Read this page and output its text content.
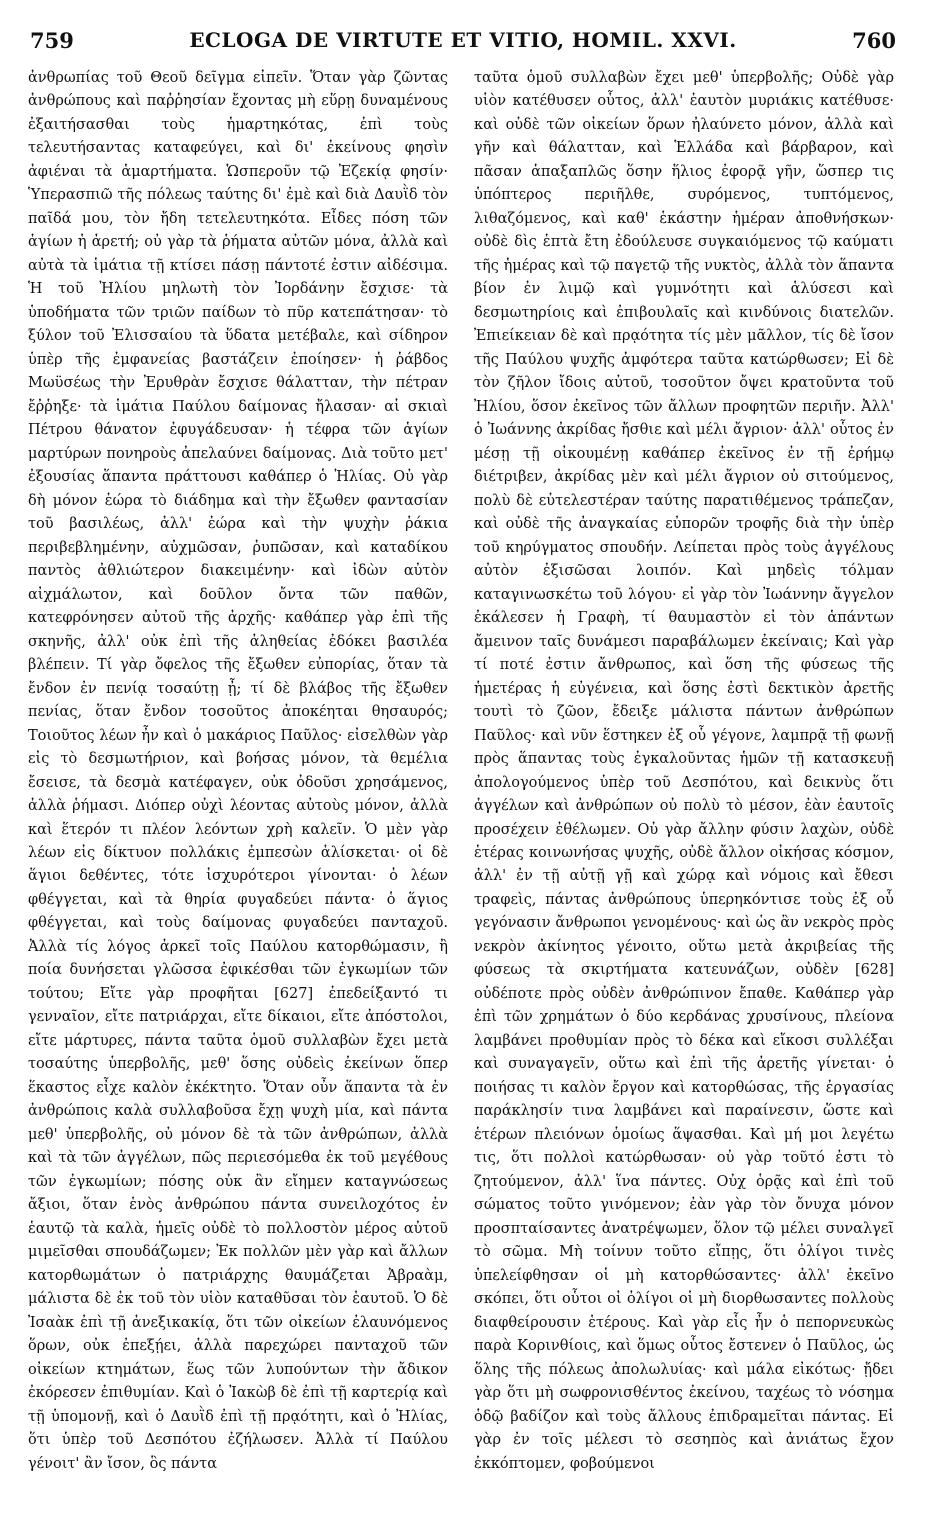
759	ECLOGA DE VIRTUTE ET VITIO, HOMIL. XXVI.	760

ἀνθρωπίας τοῦ Θεοῦ δεῖγμα εἰπεῖν. Ὅταν γὰρ ζῶντας ἀνθρώπους καὶ παῤῥησίαν ἔχοντας μὴ εὕρῃ δυναμένους ἐξαιτήσασθαι τοὺς ἡμαρτηκότας, ἐπὶ τοὺς τελευτήσαντας καταφεύγει, καὶ δι' ἐκείνους φησὶν ἀφιέναι τὰ ἁμαρτήματα. Ὡσπεροῦν τῷ Ἐζεκίᾳ φησίν· Ὑπερασπιῶ τῆς πόλεως ταύτης δι' ἐμὲ καὶ διὰ Δαυῒδ τὸν παῖδά μου, τὸν ἤδη τετελευτηκότα. Εἶδες πόση τῶν ἁγίων ἡ ἀρετή; οὐ γὰρ τὰ ῥήματα αὐτῶν μόνα, ἀλλὰ καὶ αὐτὰ τὰ ἱμάτια τῇ κτίσει πάσῃ πάντοτέ ἐστιν αἰδέσιμα. Ἡ τοῦ Ἠλίου μηλωτὴ τὸν Ἰορδάνην ἔσχισε· τὰ ὑποδήματα τῶν τριῶν παίδων τὸ πῦρ κατεπάτησαν· τὸ ξύλον τοῦ Ἐλισσαίου τὰ ὕδατα μετέβαλε, καὶ σίδηρον ὑπὲρ τῆς ἐμφανείας βαστάζειν ἐποίησεν· ἡ ῥάβδος Μωϋσέως τὴν Ἐρυθρὰν ἔσχισε θάλατταν, τὴν πέτραν ἔῤῥηξε· τὰ ἱμάτια Παύλου δαίμονας ἤλασαν· αἱ σκιαὶ Πέτρου θάνατον ἐφυγάδευσαν· ἡ τέφρα τῶν ἁγίων μαρτύρων πονηροὺς ἀπελαύνει δαίμονας. Διὰ τοῦτο μετ' ἐξουσίας ἅπαντα πράττουσι καθάπερ ὁ Ἠλίας. Οὐ γὰρ δὴ μόνον ἑώρα τὸ διάδημα καὶ τὴν ἔξωθεν φαντασίαν τοῦ βασιλέως, ἀλλ' ἑώρα καὶ τὴν ψυχὴν ῥάκια περιβεβλημένην, αὐχμῶσαν, ῥυπῶσαν, καὶ καταδίκου παντὸς ἀθλιώτερον διακειμένην· καὶ ἰδὼν αὐτὸν αἰχμάλωτον, καὶ δοῦλον ὄντα τῶν παθῶν, κατεφρόνησεν αὐτοῦ τῆς ἀρχῆς· καθάπερ γὰρ ἐπὶ τῆς σκηνῆς, ἀλλ' οὐκ ἐπὶ τῆς ἀληθείας ἐδόκει βασιλέα βλέπειν. Τί γὰρ ὄφελος τῆς ἔξωθεν εὐπορίας, ὅταν τὰ ἔνδον ἐν πενίᾳ τοσαύτῃ ᾖ; τί δὲ βλάβος τῆς ἔξωθεν πενίας, ὅταν ἔνδον τοσοῦτος ἀποκέηται θησαυρός; Τοιοῦτος λέων ἦν καὶ ὁ μακάριος Παῦλος· εἰσελθὼν γὰρ εἰς τὸ δεσμωτήριον, καὶ βοήσας μόνον, τὰ θεμέλια ἔσεισε, τὰ δεσμὰ κατέφαγεν, οὐκ ὀδοῦσι χρησάμενος, ἀλλὰ ῥήμασι. Διόπερ οὐχὶ λέοντας αὐτοὺς μόνον, ἀλλὰ καὶ ἕτερόν τι πλέον λεόντων χρὴ καλεῖν. Ὁ μὲν γὰρ λέων εἰς δίκτυον πολλάκις ἐμπεσὼν ἁλίσκεται· οἱ δὲ ἅγιοι δεθέντες, τότε ἰσχυρότεροι γίνονται· ὁ λέων φθέγγεται, καὶ τὰ θηρία φυγαδεύει πάντα· ὁ ἅγιος φθέγγεται, καὶ τοὺς δαίμονας φυγαδεύει πανταχοῦ. Ἀλλὰ τίς λόγος ἀρκεῖ τοῖς Παύλου κατορθώμασιν, ἢ ποία δυνήσεται γλῶσσα ἐφικέσθαι τῶν ἐγκωμίων τῶν τούτου; Εἴτε γὰρ προφῆται [627] ἐπεδείξαντό τι γενναῖον, εἴτε πατριάρχαι, εἴτε δίκαιοι, εἴτε ἀπόστολοι, εἴτε μάρτυρες, πάντα ταῦτα ὁμοῦ συλλαβὼν ἔχει μετὰ τοσαύτης ὑπερβολῆς, μεθ' ὅσης οὐδεὶς ἐκείνων ὅπερ ἕκαστος εἶχε καλὸν ἐκέκτητο. Ὅταν οὖν ἅπαντα τὰ ἐν ἀνθρώποις καλὰ συλλαβοῦσα ἔχῃ ψυχὴ μία, καὶ πάντα μεθ' ὑπερβολῆς, οὐ μόνον δὲ τὰ τῶν ἀνθρώπων, ἀλλὰ καὶ τὰ τῶν ἀγγέλων, πῶς περιεσόμεθα ἐκ τοῦ μεγέθους τῶν ἐγκωμίων; πόσης οὐκ ἂν εἴημεν καταγνώσεως ἄξιοι, ὅταν ἑνὸς ἀνθρώπου πάντα συνειλοχότος ἐν ἑαυτῷ τὰ καλὰ, ἡμεῖς οὐδὲ τὸ πολλοστὸν μέρος αὐτοῦ μιμεῖσθαι σπουδάζωμεν; Ἐκ πολλῶν μὲν γὰρ καὶ ἄλλων κατορθωμάτων ὁ πατριάρχης θαυμάζεται Ἀβραὰμ, μάλιστα δὲ ἐκ τοῦ τὸν υἱὸν καταθῦσαι τὸν ἑαυτοῦ. Ὁ δὲ Ἰσαὰκ ἐπὶ τῇ ἀνεξικακίᾳ, ὅτι τῶν οἰκείων ἐλαυνόμενος ὅρων, οὐκ ἐπεξῄει, ἀλλὰ παρεχώρει πανταχοῦ τῶν οἰκείων κτημάτων, ἕως τῶν λυπούντων τὴν ἄδικον ἐκόρεσεν ἐπιθυμίαν. Καὶ ὁ Ἰακὼβ δὲ ἐπὶ τῇ καρτερίᾳ καὶ τῇ ὑπομονῇ, καὶ ὁ Δαυῒδ ἐπὶ τῇ πρᾳότητι, καὶ ὁ Ἠλίας, ὅτι ὑπὲρ τοῦ Δεσπότου ἐζήλωσεν. Ἀλλὰ τί Παύλου γένοιτ' ἂν ἴσον, ὃς πάντα

ταῦτα ὁμοῦ συλλαβὼν ἔχει μεθ' ὑπερβολῆς; Οὐδὲ γὰρ υἱὸν κατέθυσεν οὗτος, ἀλλ' ἑαυτὸν μυριάκις κατέθυσε· καὶ οὐδὲ τῶν οἰκείων ὅρων ἠλαύνετο μόνον, ἀλλὰ καὶ γῆν καὶ θάλατταν, καὶ Ἑλλάδα καὶ βάρβαρον, καὶ πᾶσαν ἁπαξαπλῶς ὅσην ἥλιος ἐφορᾷ γῆν, ὥσπερ τις ὑπόπτερος περιῆλθε, συρόμενος, τυπτόμενος, λιθαζόμενος, καὶ καθ' ἑκάστην ἡμέραν ἀποθνήσκων· οὐδὲ δὶς ἑπτὰ ἔτη ἐδούλευσε συγκαιόμενος τῷ καύματι τῆς ἡμέρας καὶ τῷ παγετῷ τῆς νυκτὸς, ἀλλὰ τὸν ἅπαντα βίον ἐν λιμῷ καὶ γυμνότητι καὶ ἁλύσεσι καὶ δεσμωτηρίοις καὶ ἐπιβουλαῖς καὶ κινδύνοις διατελῶν. Ἐπιείκειαν δὲ καὶ πρᾳότητα τίς μὲν μᾶλλον, τίς δὲ ἴσον τῆς Παύλου ψυχῆς ἀμφότερα ταῦτα κατώρθωσεν; Εἰ δὲ τὸν ζῆλον ἴδοις αὐτοῦ, τοσοῦτον ὄψει κρατοῦντα τοῦ Ἠλίου, ὅσον ἐκεῖνος τῶν ἄλλων προφητῶν περιῆν. Ἀλλ' ὁ Ἰωάννης ἀκρίδας ἤσθιε καὶ μέλι ἄγριον· ἀλλ' οὗτος ἐν μέσῃ τῇ οἰκουμένῃ καθάπερ ἐκεῖνος ἐν τῇ ἐρήμῳ διέτριβεν, ἀκρίδας μὲν καὶ μέλι ἄγριον οὐ σιτούμενος, πολὺ δὲ εὐτελεστέραν ταύτης παρατιθέμενος τράπεζαν, καὶ οὐδὲ τῆς ἀναγκαίας εὐπορῶν τροφῆς διὰ τὴν ὑπὲρ τοῦ κηρύγματος σπουδήν. Λείπεται πρὸς τοὺς ἀγγέλους αὐτὸν ἐξισῶσαι λοιπόν. Καὶ μηδεὶς τόλμαν καταγινωσκέτω τοῦ λόγου· εἰ γὰρ τὸν Ἰωάννην ἄγγελον ἐκάλεσεν ἡ Γραφὴ, τί θαυμαστὸν εἰ τὸν ἁπάντων ἄμεινον ταῖς δυνάμεσι παραβάλωμεν ἐκείναις; Καὶ γὰρ τί ποτέ ἐστιν ἄνθρωπος, καὶ ὅση τῆς φύσεως τῆς ἡμετέρας ἡ εὐγένεια, καὶ ὅσης ἐστὶ δεκτικὸν ἀρετῆς τουτὶ τὸ ζῶον, ἔδειξε μάλιστα πάντων ἀνθρώπων Παῦλος· καὶ νῦν ἕστηκεν ἐξ οὗ γέγονε, λαμπρᾷ τῇ φωνῇ πρὸς ἅπαντας τοὺς ἐγκαλοῦντας ἡμῶν τῇ κατασκευῇ ἀπολογούμενος ὑπὲρ τοῦ Δεσπότου, καὶ δεικνὺς ὅτι ἀγγέλων καὶ ἀνθρώπων οὐ πολὺ τὸ μέσον, ἐὰν ἑαυτοῖς προσέχειν ἐθέλωμεν. Οὐ γὰρ ἄλλην φύσιν λαχὼν, οὐδὲ ἑτέρας κοινωνήσας ψυχῆς, οὐδὲ ἄλλον οἰκήσας κόσμον, ἀλλ' ἐν τῇ αὐτῇ γῇ καὶ χώρᾳ καὶ νόμοις καὶ ἔθεσι τραφεὶς, πάντας ἀνθρώπους ὑπερηκόντισε τοὺς ἐξ οὗ γεγόνασιν ἄνθρωποι γενομένους· καὶ ὡς ἂν νεκρὸς πρὸς νεκρὸν ἀκίνητος γένοιτο, οὕτω μετὰ ἀκριβείας τῆς φύσεως τὰ σκιρτήματα κατευνάζων, οὐδὲν [628] οὐδέποτε πρὸς οὐδὲν ἀνθρώπινον ἔπαθε. Καθάπερ γὰρ ἐπὶ τῶν χρημάτων ὁ δύο κερδάνας χρυσίνους, πλείονα λαμβάνει προθυμίαν πρὸς τὸ δέκα καὶ εἴκοσι συλλέξαι καὶ συναγαγεῖν, οὕτω καὶ ἐπὶ τῆς ἀρετῆς γίνεται· ὁ ποιήσας τι καλὸν ἔργον καὶ κατορθώσας, τῆς ἐργασίας παράκλησίν τινα λαμβάνει καὶ παραίνεσιν, ὥστε καὶ ἑτέρων πλειόνων ὁμοίως ἅψασθαι. Καὶ μή μοι λεγέτω τις, ὅτι πολλοὶ κατώρθωσαν· οὐ γὰρ τοῦτό ἐστι τὸ ζητούμενον, ἀλλ' ἵνα πάντες. Οὐχ ὁρᾷς καὶ ἐπὶ τοῦ σώματος τοῦτο γινόμενον; ἐὰν γὰρ τὸν ὄνυχα μόνον προσπταίσαντες ἀνατρέψωμεν, ὅλον τῷ μέλει συναλγεῖ τὸ σῶμα. Μὴ τοίνυν τοῦτο εἴπῃς, ὅτι ὀλίγοι τινὲς ὑπελείφθησαν οἱ μὴ κατορθώσαντες· ἀλλ' ἐκεῖνο σκόπει, ὅτι οὗτοι οἱ ὀλίγοι οἱ μὴ διορθωσαντες πολλοὺς διαφθείρουσιν ἑτέρους. Καὶ γὰρ εἷς ἦν ὁ πεπορνευκὼς παρὰ Κορινθίοις, καὶ ὅμως οὗτος ἔστενεν ὁ Παῦλος, ὡς ὅλης τῆς πόλεως ἀπολωλυίας· καὶ μάλα εἰκότως· ᾔδει γὰρ ὅτι μὴ σωφρονισθέντος ἐκείνου, ταχέως τὸ νόσημα ὁδῷ βαδίζον καὶ τοὺς ἄλλους ἐπιδραμεῖται πάντας. Εἰ γὰρ ἐν τοῖς μέλεσι τὸ σεσηπὸς καὶ ἀνιάτως ἔχον ἐκκόπτομεν, φοβούμενοι
